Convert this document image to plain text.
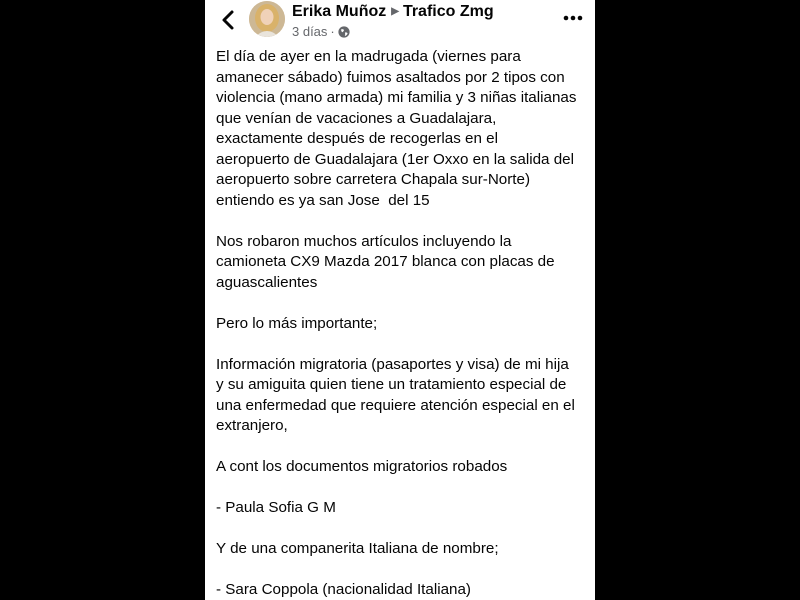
Erika Muñoz ▶ Trafico Zmg
3 días ·

El día de ayer en la madrugada (viernes para
amanecer sábado) fuimos asaltados por 2 tipos con
violencia (mano armada) mi familia y 3 niñas italianas
que venían de vacaciones a Guadalajara,
exactamente después de recogerlas en el
aeropuerto de Guadalajara (1er Oxxo en la salida del
aeropuerto sobre carretera Chapala sur-Norte)
entiendo es ya san Jose  del 15

Nos robaron muchos artículos incluyendo la
camioneta CX9 Mazda 2017 blanca con placas de
aguascalientes

Pero lo más importante;

Información migratoria (pasaportes y visa) de mi hija
y su amiguita quien tiene un tratamiento especial de
una enfermedad que requiere atención especial en el
extranjero,

A cont los documentos migratorios robados

- Paula Sofia G M

Y de una companerita Italiana de nombre;

- Sara Coppola (nacionalidad Italiana)
